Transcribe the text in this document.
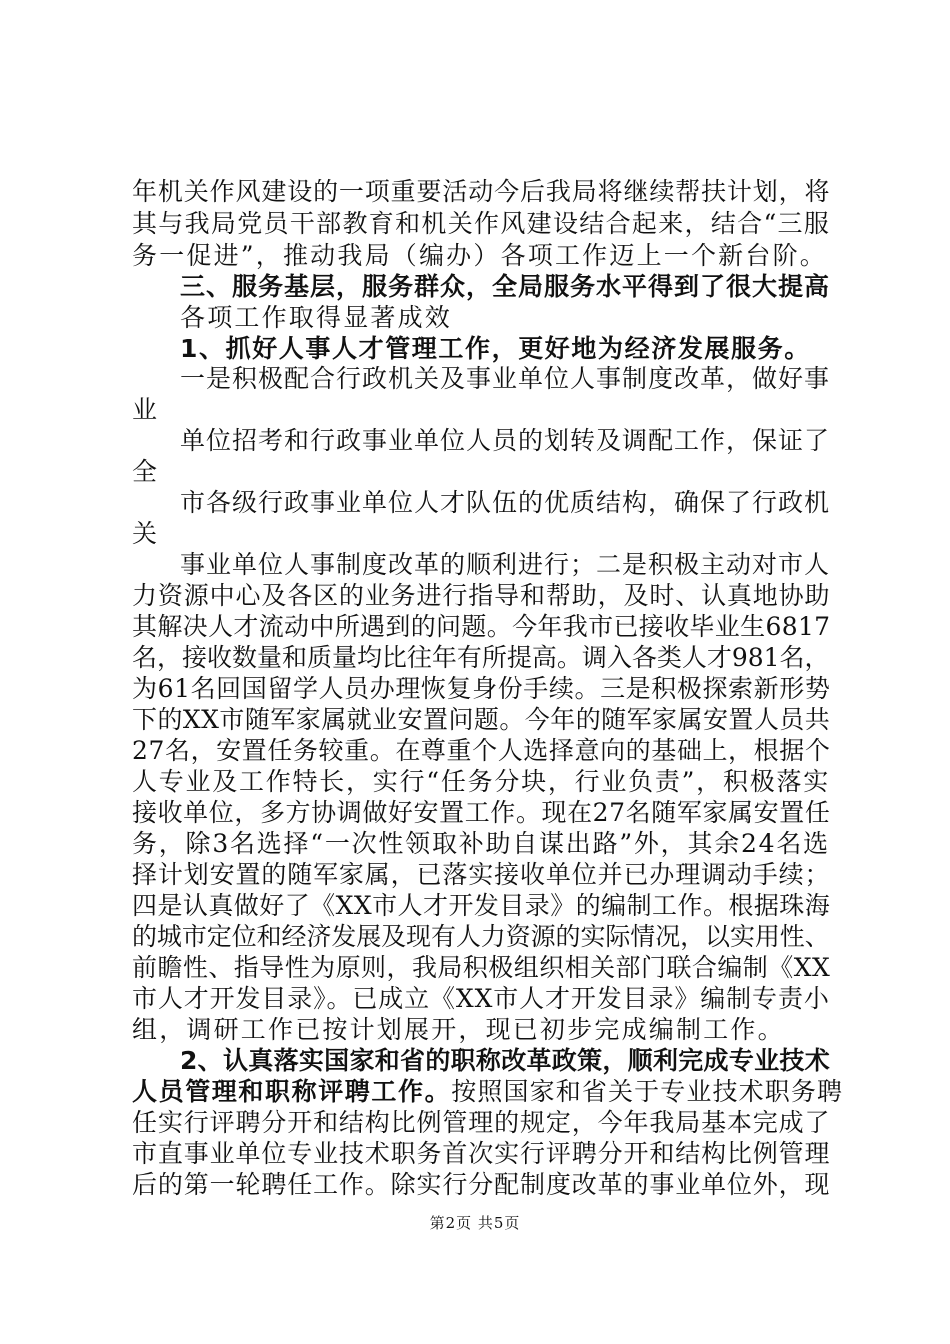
年机关作风建设的一项重要活动今后我局将继续帮扶计划，将
其与我局党员干部教育和机关作风建设结合起来，结合“三服
务一促进”，推动我局（编办）各项工作迈上一个新台阶。
三、服务基层，服务群众，全局服务水平得到了很大提高
各项工作取得显著成效
1、抓好人事人才管理工作，更好地为经济发展服务。
一是积极配合行政机关及事业单位人事制度改革，做好事
业
单位招考和行政事业单位人员的划转及调配工作，保证了
全
市各级行政事业单位人才队伍的优质结构，确保了行政机
关
事业单位人事制度改革的顺利进行；二是积极主动对市人
力资源中心及各区的业务进行指导和帮助，及时、认真地协助
其解决人才流动中所遇到的问题。今年我市已接收毕业生6817
名，接收数量和质量均比往年有所提高。调入各类人才981名，
为61名回国留学人员办理恢复身份手续。三是积极探索新形势
下的XX市随军家属就业安置问题。今年的随军家属安置人员共
27名，安置任务较重。在尊重个人选择意向的基础上，根据个
人专业及工作特长，实行“任务分块，行业负责”，积极落实
接收单位，多方协调做好安置工作。现在27名随军家属安置任
务，除3名选择“一次性领取补助自谋出路”外，其余24名选
择计划安置的随军家属，已落实接收单位并已办理调动手续；
四是认真做好了《XX市人才开发目录》的编制工作。根据珠海
的城市定位和经济发展及现有人力资源的实际情况，以实用性、
前瞻性、指导性为原则，我局积极组织相关部门联合编制《XX
市人才开发目录》。已成立《XX市人才开发目录》编制专责小
组，调研工作已按计划展开，现已初步完成编制工作。
2、认真落实国家和省的职称改革政策，顺利完成专业技术
人员管理和职称评聘工作。按照国家和省关于专业技术职务聘
任实行评聘分开和结构比例管理的规定，今年我局基本完成了
市直事业单位专业技术职务首次实行评聘分开和结构比例管理
后的第一轮聘任工作。除实行分配制度改革的事业单位外，现
第2页 共5页
